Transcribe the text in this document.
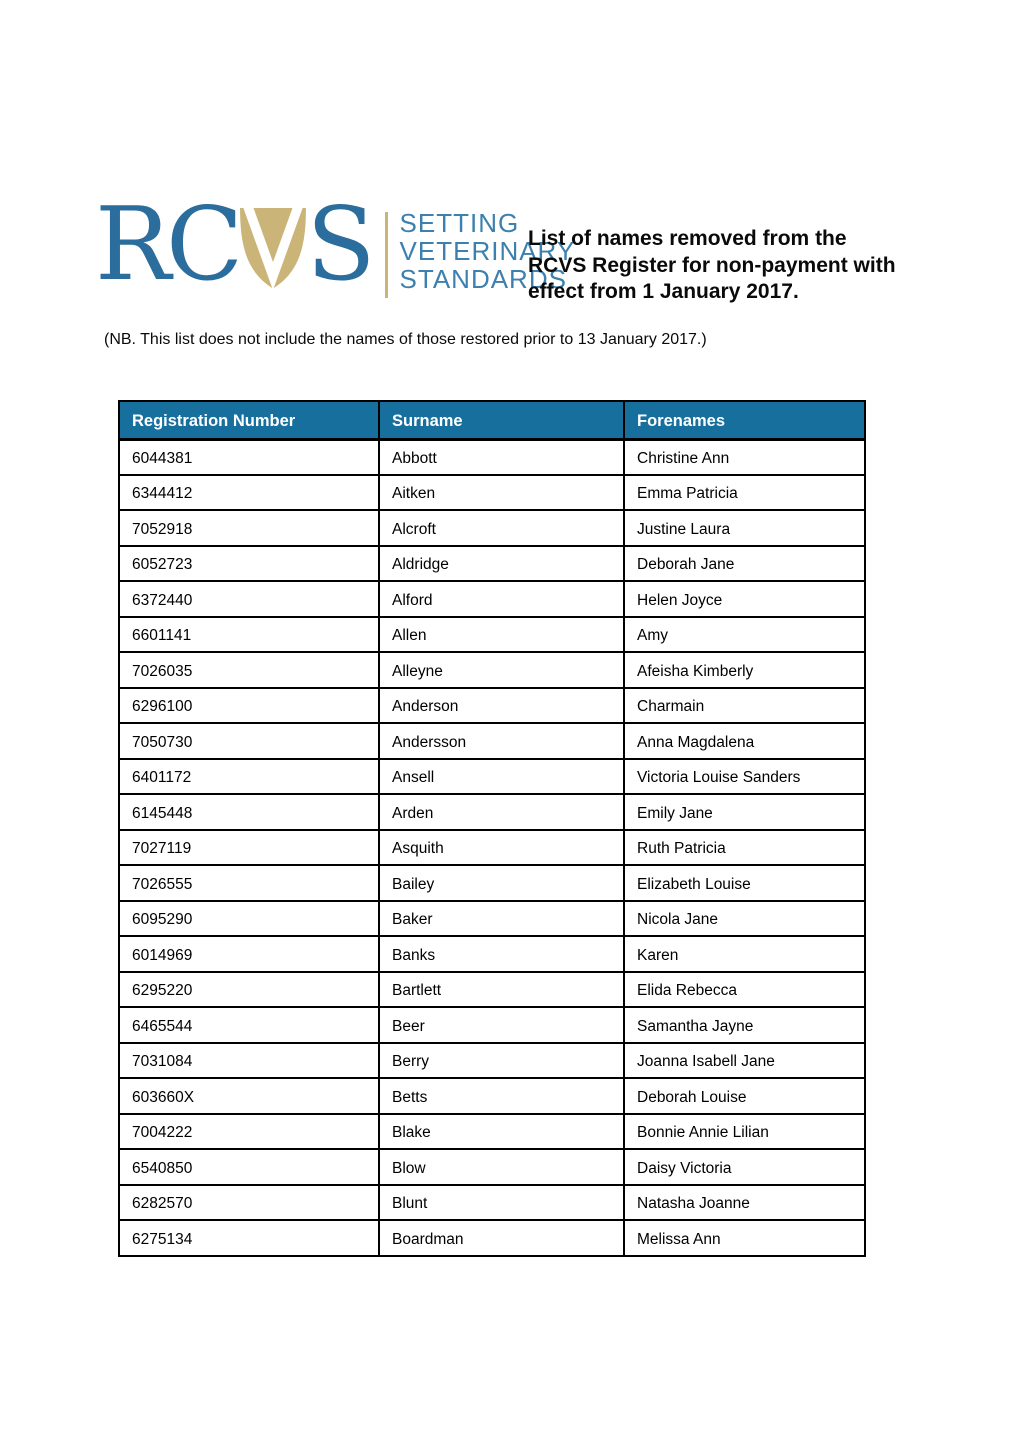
RC S SETTING
VETERINARY
STANDARDS
List of names removed from the
RCVS Register for non-payment with
effect from 1 January 2017.
(NB. This list does not include the names of those restored prior to 13 January 2017.)
Registration Number	Surname	Forenames
6044381	Abbott	Christine Ann
6344412	Aitken	Emma Patricia
7052918	Alcroft	Justine Laura
6052723	Aldridge	Deborah Jane
6372440	Alford	Helen Joyce
6601141	Allen	Amy
7026035	Alleyne	Afeisha Kimberly
6296100	Anderson	Charmain
7050730	Andersson	Anna Magdalena
6401172	Ansell	Victoria Louise Sanders
6145448	Arden	Emily Jane
7027119	Asquith	Ruth Patricia
7026555	Bailey	Elizabeth Louise
6095290	Baker	Nicola Jane
6014969	Banks	Karen
6295220	Bartlett	Elida Rebecca
6465544	Beer	Samantha Jayne
7031084	Berry	Joanna Isabell Jane
603660X	Betts	Deborah Louise
7004222	Blake	Bonnie Annie Lilian
6540850	Blow	Daisy Victoria
6282570	Blunt	Natasha Joanne
6275134	Boardman	Melissa Ann
